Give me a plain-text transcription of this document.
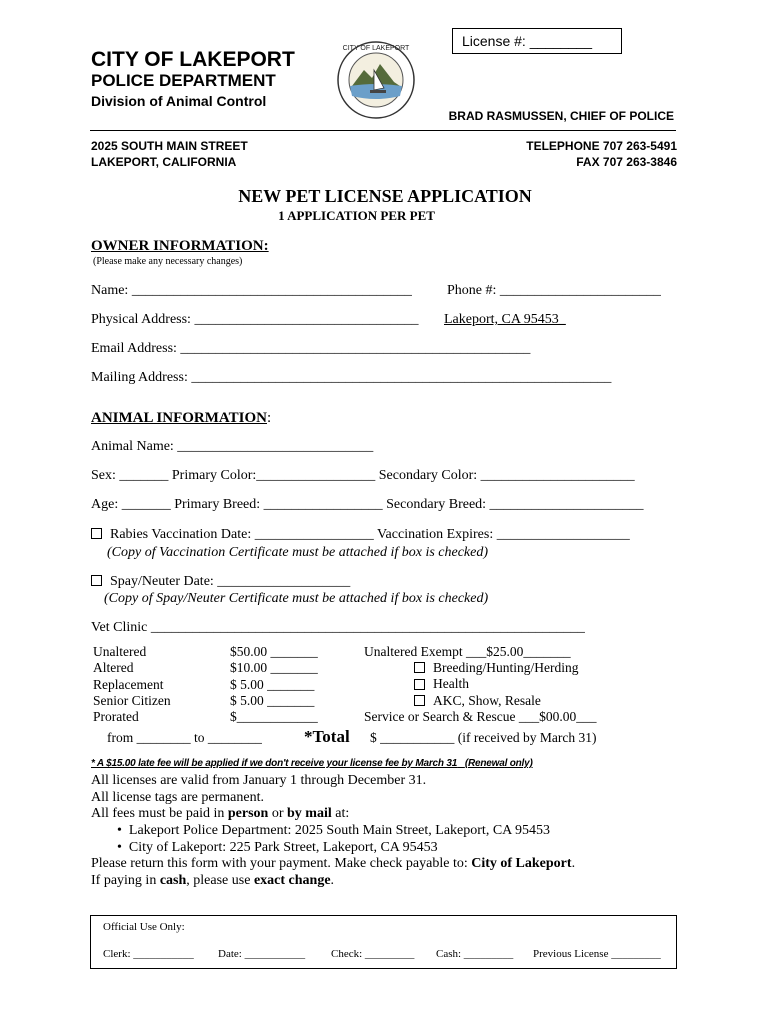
License #: ________
CITY OF LAKEPORT
POLICE DEPARTMENT
Division of Animal Control
CITY OF LAKEPORT
BRAD RASMUSSEN, CHIEF OF POLICE
2025 SOUTH MAIN STREET
LAKEPORT, CALIFORNIA
TELEPHONE 707 263-5491
FAX 707 263-3846
NEW PET LICENSE APPLICATION
1 APPLICATION PER PET
OWNER INFORMATION:
(Please make any necessary changes)
Name: ________________________________________	Phone #: _______________________
Physical Address: ________________________________ Lakeport, CA 95453_
Email Address: __________________________________________________
Mailing Address: ____________________________________________________________
ANIMAL INFORMATION:
Animal Name: ____________________________
Sex: _______ Primary Color:_________________ Secondary Color: ______________________
Age: _______ Primary Breed: _________________ Secondary Breed: ______________________
Rabies Vaccination Date: _________________ Vaccination Expires: ___________________
(Copy of Vaccination Certificate must be attached if box is checked)
Spay/Neuter Date: ___________________
(Copy of Spay/Neuter Certificate must be attached if box is checked)
Vet Clinic ______________________________________________________________
Unaltered
Altered
Replacement
Senior Citizen
Prorated
$50.00 _______
$10.00 _______
$ 5.00 _______
$ 5.00 _______
$____________
Unaltered Exempt ___$25.00_______
Breeding/Hunting/Herding
Health
AKC, Show, Resale
Service or Search & Rescue ___$00.00___
from ________ to ________ *Total $ ___________ (if received by March 31)
* A $15.00 late fee will be applied if we don't receive your license fee by March 31 (Renewal only)
All licenses are valid from January 1 through December 31.
All license tags are permanent.
All fees must be paid in person or by mail at:
•  Lakeport Police Department: 2025 South Main Street, Lakeport, CA 95453
•  City of Lakeport: 225 Park Street, Lakeport, CA 95453
Please return this form with your payment. Make check payable to: City of Lakeport.
If paying in cash, please use exact change.
Official Use Only:
Clerk: ___________ Date: ___________ Check: _________ Cash: _________ Previous License _________
